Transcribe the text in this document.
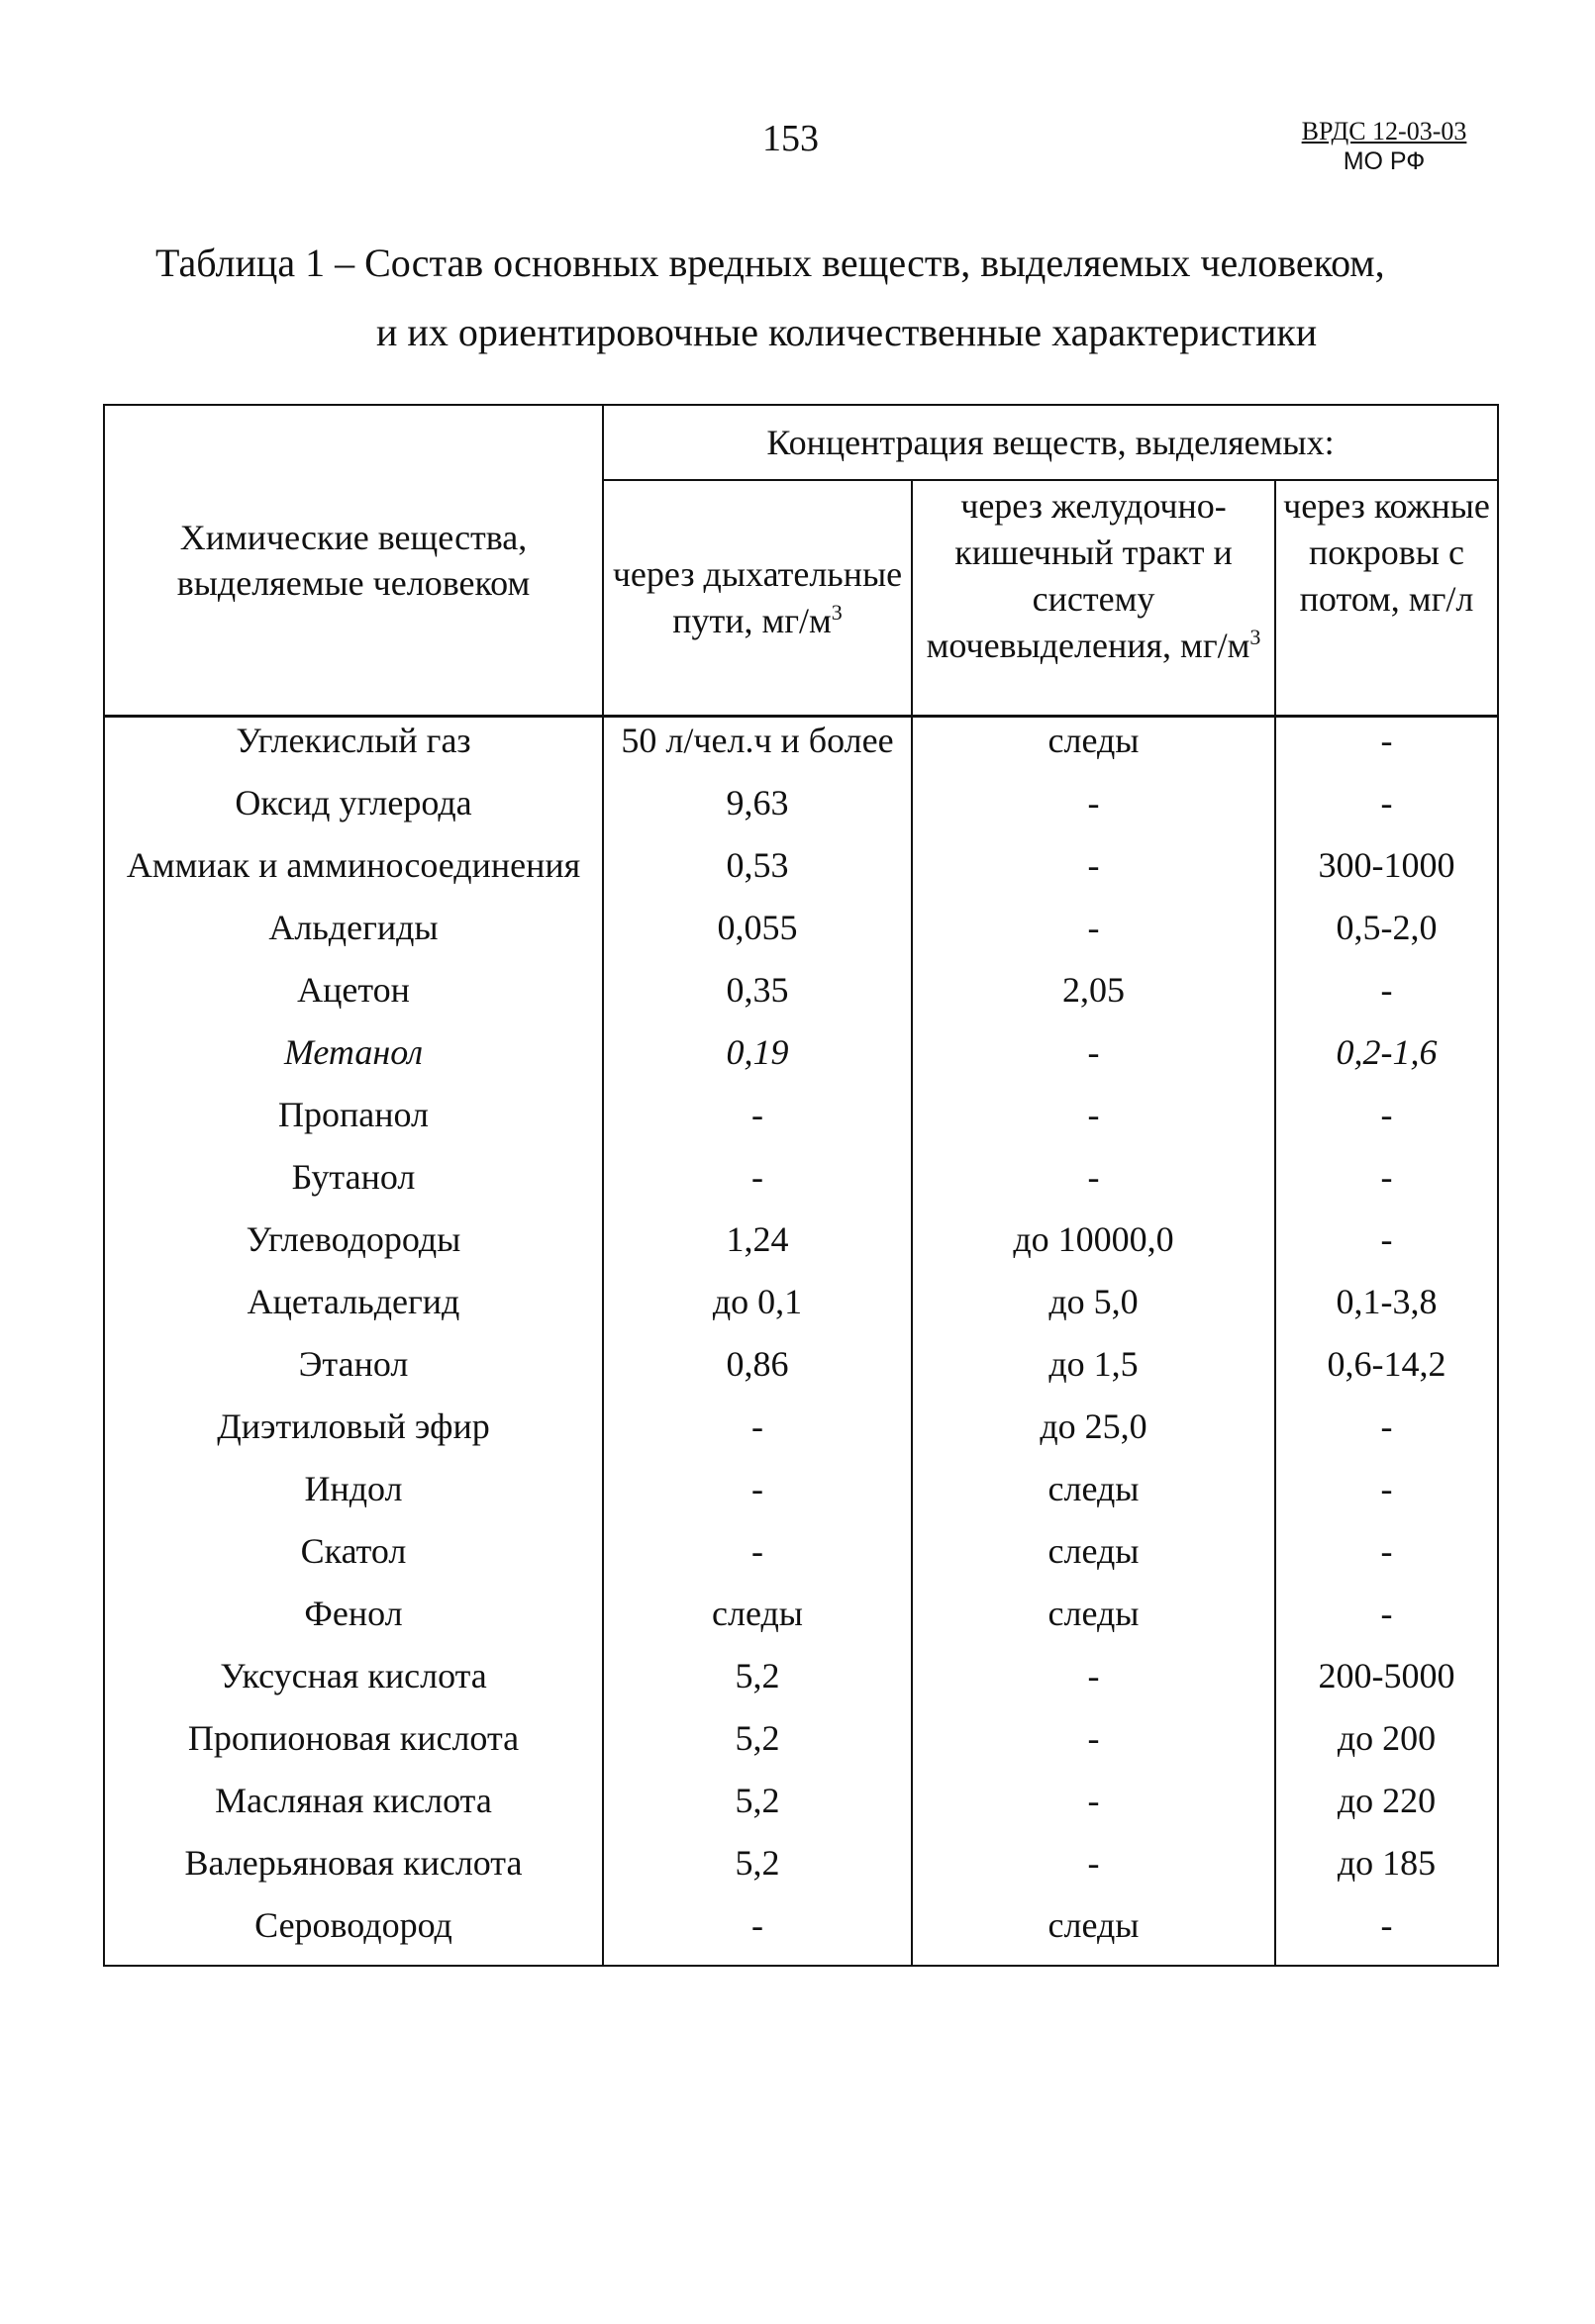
153	ВРДС 12-03-03
МО РФ
Таблица 1 – Состав основных вредных веществ, выделяемых человеком,
и их ориентировочные количественные характеристики
Химические вещества, выделяемые человеком	Концентрация веществ, выделяемых:		
	через дыхательные пути, $мг/м^3$	через желудочно-кишечный тракт и систему мочевыделения, $мг/м^3$	через кожные покровы с потом, мг/л
Углекислый газ	50 л/чел.ч и более	следы	-
Оксид углерода	9,63	-	-
Аммиак и амминосоединения	0,53	-	300-1000
Альдегиды	0,055	-	0,5-2,0
Ацетон	0,35	2,05	-
Метанол	0,19	-	0,2-1,6
Пропанол	-	-	-
Бутанол	-	-	-
Углеводороды	1,24	до 10000,0	-
Ацетальдегид	до 0,1	до 5,0	0,1-3,8
Этанол	0,86	до 1,5	0,6-14,2
Диэтиловый эфир	-	до 25,0	-
Индол	-	следы	-
Скатол	-	следы	-
Фенол	следы	следы	-
Уксусная кислота	5,2	-	200-5000
Пропионовая кислота	5,2	-	до 200
Масляная кислота	5,2	-	до 220
Валерьяновая кислота	5,2	-	до 185
Сероводород	-	следы	-
